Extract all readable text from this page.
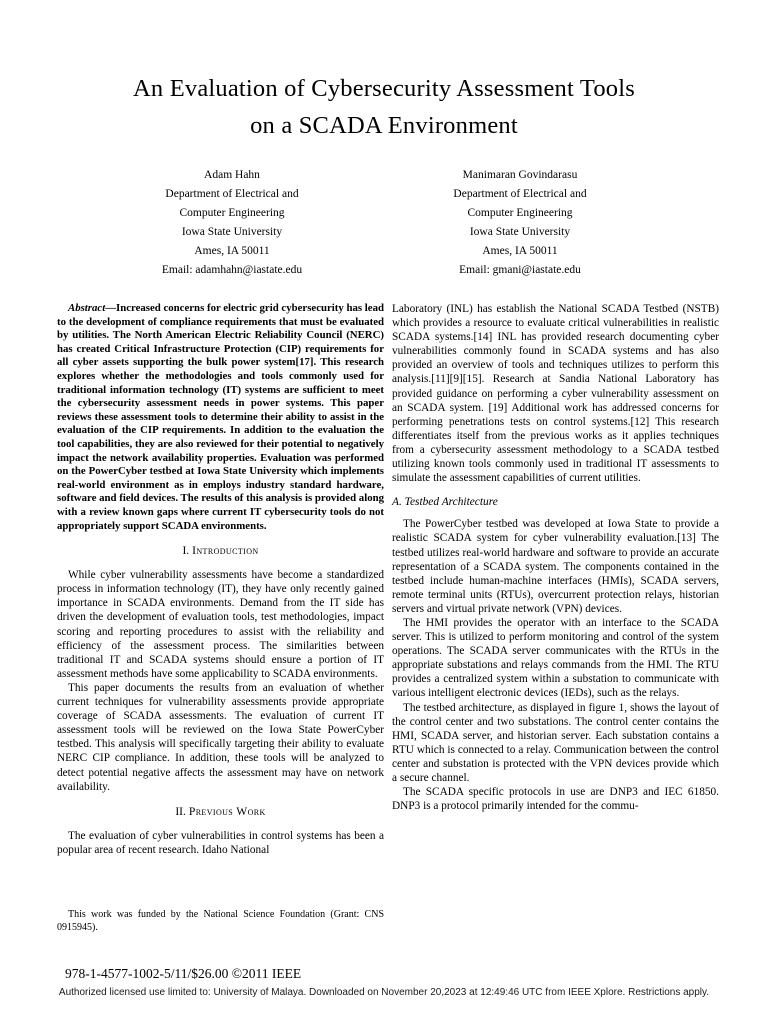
An Evaluation of Cybersecurity Assessment Tools
on a SCADA Environment
Adam Hahn
Department of Electrical and
Computer Engineering
Iowa State University
Ames, IA 50011
Email: adamhahn@iastate.edu
Manimaran Govindarasu
Department of Electrical and
Computer Engineering
Iowa State University
Ames, IA 50011
Email: gmani@iastate.edu

Abstract—Increased concerns for electric grid cybersecurity has lead to the development of compliance requirements that must be evaluated by utilities. The North American Electric Reliability Council (NERC) has created Critical Infrastructure Protection (CIP) requirements for all cyber assets supporting the bulk power system[17]. This research explores whether the methodologies and tools commonly used for traditional information technology (IT) systems are sufficient to meet the cybersecurity assessment needs in power systems. This paper reviews these assessment tools to determine their ability to assist in the evaluation of the CIP requirements. In addition to the evaluation the tool capabilities, they are also reviewed for their potential to negatively impact the network availability properties. Evaluation was performed on the PowerCyber testbed at Iowa State University which implements real-world environment as in employs industry standard hardware, software and field devices. The results of this analysis is provided along with a review known gaps where current IT cybersecurity tools do not appropriately support SCADA environments.

I. Introduction

While cyber vulnerability assessments have become a standardized process in information technology (IT), they have only recently gained importance in SCADA environments. Demand from the IT side has driven the development of evaluation tools, test methodologies, impact scoring and reporting procedures to assist with the reliability and efficiency of the assessment process. The similarities between traditional IT and SCADA systems should ensure a portion of IT assessment methods have some applicability to SCADA environments.

This paper documents the results from an evaluation of whether current techniques for vulnerability assessments provide appropriate coverage of SCADA assessments. The evaluation of current IT assessment tools will be reviewed on the Iowa State PowerCyber testbed. This analysis will specifically targeting their ability to evaluate NERC CIP compliance. In addition, these tools will be analyzed to detect potential negative affects the assessment may have on network availability.

II. Previous Work

The evaluation of cyber vulnerabilities in control systems has been a popular area of recent research. Idaho National

This work was funded by the National Science Foundation (Grant: CNS 0915945).

Laboratory (INL) has establish the National SCADA Testbed (NSTB) which provides a resource to evaluate critical vulnerabilities in realistic SCADA systems.[14] INL has provided research documenting cyber vulnerabilities commonly found in SCADA systems and has also provided an overview of tools and techniques utilizes to perform this analysis.[11][9][15]. Research at Sandia National Laboratory has provided guidance on performing a cyber vulnerability assessment on an SCADA system. [19] Additional work has addressed concerns for performing penetrations tests on control systems.[12] This research differentiates itself from the previous works as it applies techniques from a cybersecurity assessment methodology to a SCADA testbed utilizing known tools commonly used in traditional IT assessments to simulate the assessment capabilities of current utilities.

A. Testbed Architecture

The PowerCyber testbed was developed at Iowa State to provide a realistic SCADA system for cyber vulnerability evaluation.[13] The testbed utilizes real-world hardware and software to provide an accurate representation of a SCADA system. The components contained in the testbed include human-machine interfaces (HMIs), SCADA servers, remote terminal units (RTUs), overcurrent protection relays, historian servers and virtual private network (VPN) devices.

The HMI provides the operator with an interface to the SCADA server. This is utilized to perform monitoring and control of the system operations. The SCADA server communicates with the RTUs in the appropriate substations and relays commands from the HMI. The RTU provides a centralized system within a substation to communicate with various intelligent electronic devices (IEDs), such as the relays.

The testbed architecture, as displayed in figure 1, shows the layout of the control center and two substations. The control center contains the HMI, SCADA server, and historian server. Each substation contains a RTU which is connected to a relay. Communication between the control center and substation is protected with the VPN devices provide which a secure channel.

The SCADA specific protocols in use are DNP3 and IEC 61850. DNP3 is a protocol primarily intended for the commu-

978-1-4577-1002-5/11/$26.00 ©2011 IEEE
Authorized licensed use limited to: University of Malaya. Downloaded on November 20,2023 at 12:49:46 UTC from IEEE Xplore. Restrictions apply.
